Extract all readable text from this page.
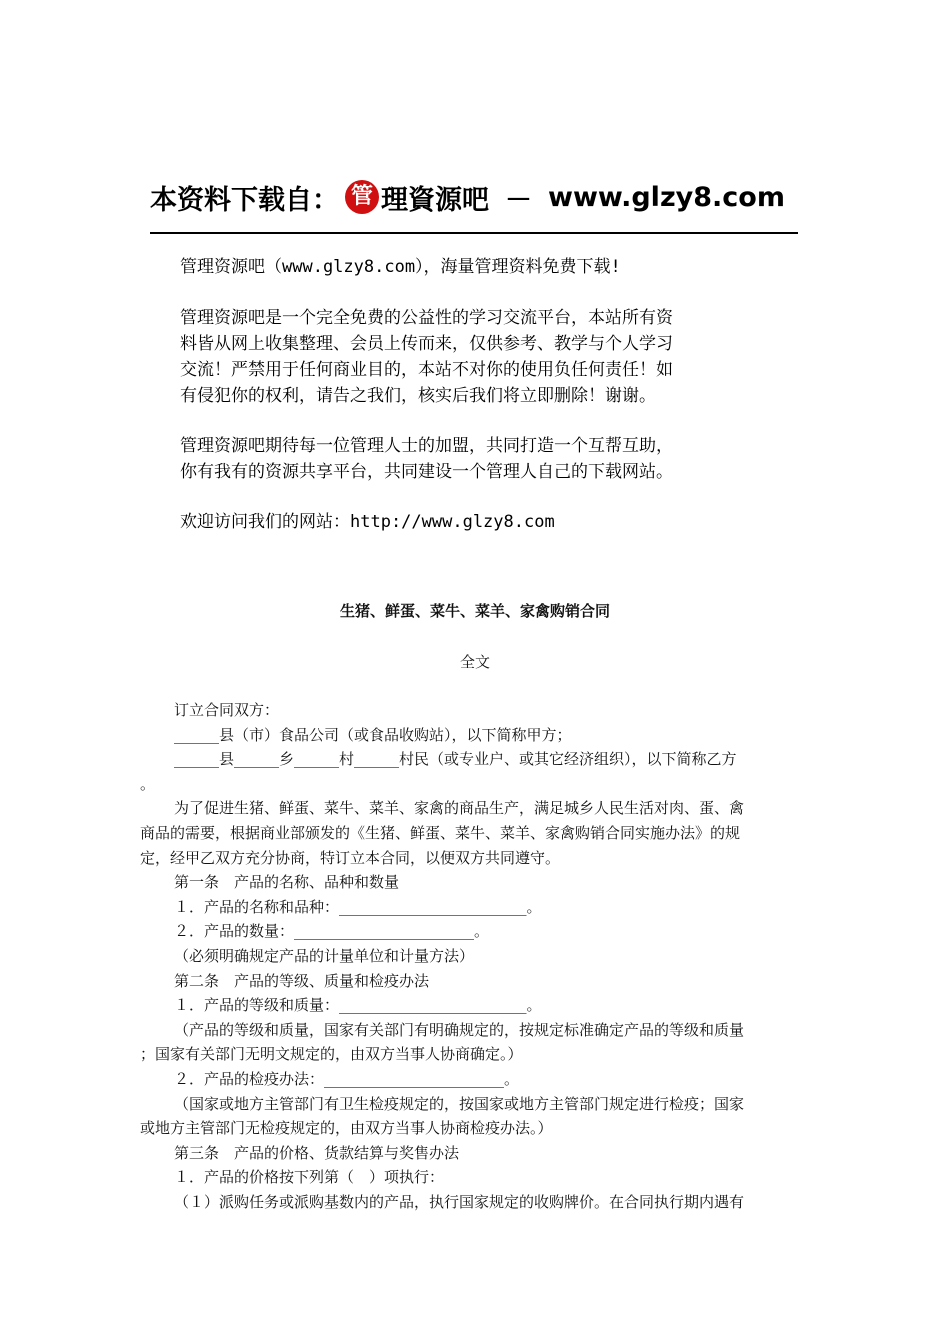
本资料下载自： 管 理資源吧 － www.glzy8.com

管理资源吧（www.glzy8.com），海量管理资料免费下载!

管理资源吧是一个完全免费的公益性的学习交流平台，本站所有资

料皆从网上收集整理、会员上传而来，仅供参考、教学与个人学习

交流！严禁用于任何商业目的，本站不对你的使用负任何责任！如

有侵犯你的权利，请告之我们，核实后我们将立即删除！谢谢。

管理资源吧期待每一位管理人士的加盟，共同打造一个互帮互助，

你有我有的资源共享平台，共同建设一个管理人自己的下载网站。

欢迎访问我们的网站：http://www.glzy8.com

生猪、鲜蛋、菜牛、菜羊、家禽购销合同
全文

订立合同双方：

______县（市）食品公司（或食品收购站），以下简称甲方；

______县______乡______村______村民（或专业户、或其它经济组织），以下简称乙方

。

为了促进生猪、鲜蛋、菜牛、菜羊、家禽的商品生产，满足城乡人民生活对肉、蛋、禽

商品的需要，根据商业部颁发的《生猪、鲜蛋、菜牛、菜羊、家禽购销合同实施办法》的规

定，经甲乙双方充分协商，特订立本合同，以便双方共同遵守。

第一条　产品的名称、品种和数量

１．产品的名称和品种：_________________________。

２．产品的数量：________________________。

（必须明确规定产品的计量单位和计量方法）

第二条　产品的等级、质量和检疫办法

１．产品的等级和质量：_________________________。

（产品的等级和质量，国家有关部门有明确规定的，按规定标准确定产品的等级和质量

；国家有关部门无明文规定的，由双方当事人协商确定。）

２．产品的检疫办法：________________________。

（国家或地方主管部门有卫生检疫规定的，按国家或地方主管部门规定进行检疫；国家

或地方主管部门无检疫规定的，由双方当事人协商检疫办法。）

第三条　产品的价格、货款结算与奖售办法

１．产品的价格按下列第（　）项执行：

（１）派购任务或派购基数内的产品，执行国家规定的收购牌价。在合同执行期内遇有
